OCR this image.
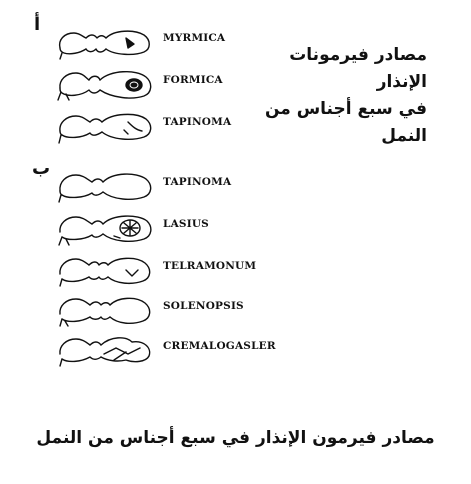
أ
ب
مصادر فيرمونات الإنذار
في سبع أجناس من النمل
MYRMICA
FORMICA
TAPINOMA
TAPINOMA
LASIUS
TELRAMONUM
SOLENOPSIS
CREMALOGASLER
مصادر فيرمون الإنذار في سبع أجناس من النمل
